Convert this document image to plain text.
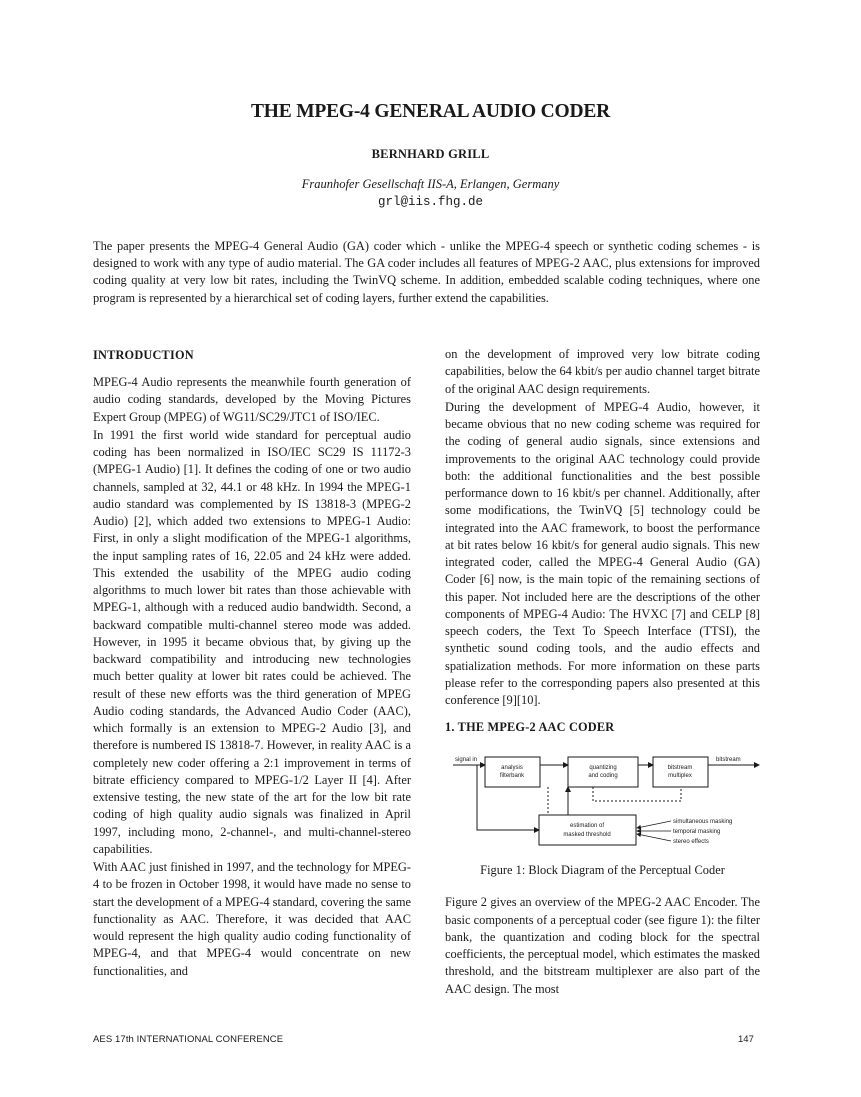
THE MPEG-4 GENERAL AUDIO CODER
BERNHARD GRILL
Fraunhofer Gesellschaft IIS-A, Erlangen, Germany
grl@iis.fhg.de

The paper presents the MPEG-4 General Audio (GA) coder which - unlike the MPEG-4 speech or synthetic coding schemes - is designed to work with any type of audio material. The GA coder includes all features of MPEG-2 AAC, plus extensions for improved coding quality at very low bit rates, including the TwinVQ scheme. In addition, embedded scalable coding techniques, where one program is represented by a hierarchical set of coding layers, further extend the capabilities.

INTRODUCTION

MPEG-4 Audio represents the meanwhile fourth generation of audio coding standards, developed by the Moving Pictures Expert Group (MPEG) of WG11/SC29/JTC1 of ISO/IEC.

In 1991 the first world wide standard for perceptual audio coding has been normalized in ISO/IEC SC29 IS 11172-3 (MPEG-1 Audio) [1]. It defines the coding of one or two audio channels, sampled at 32, 44.1 or 48 kHz. In 1994 the MPEG-1 audio standard was complemented by IS 13818-3 (MPEG-2 Audio) [2], which added two extensions to MPEG-1 Audio: First, in only a slight modification of the MPEG-1 algorithms, the input sampling rates of 16, 22.05 and 24 kHz were added. This extended the usability of the MPEG audio coding algorithms to much lower bit rates than those achievable with MPEG-1, although with a reduced audio bandwidth. Second, a backward compatible multi-channel stereo mode was added. However, in 1995 it became obvious that, by giving up the backward compatibility and introducing new technologies much better quality at lower bit rates could be achieved. The result of these new efforts was the third generation of MPEG Audio coding standards, the Advanced Audio Coder (AAC), which formally is an extension to MPEG-2 Audio [3], and therefore is numbered IS 13818-7. However, in reality AAC is a completely new coder offering a 2:1 improvement in terms of bitrate efficiency compared to MPEG-1/2 Layer II [4]. After extensive testing, the new state of the art for the low bit rate coding of high quality audio signals was finalized in April 1997, including mono, 2-channel-, and multi-channel-stereo capabilities.

With AAC just finished in 1997, and the technology for MPEG-4 to be frozen in October 1998, it would have made no sense to start the development of a MPEG-4 standard, covering the same functionality as AAC. Therefore, it was decided that AAC would represent the high quality audio coding functionality of MPEG-4, and that MPEG-4 would concentrate on new functionalities, and

on the development of improved very low bitrate coding capabilities, below the 64 kbit/s per audio channel target bitrate of the original AAC design requirements.

During the development of MPEG-4 Audio, however, it became obvious that no new coding scheme was required for the coding of general audio signals, since extensions and improvements to the original AAC technology could provide both: the additional functionalities and the best possible performance down to 16 kbit/s per channel. Additionally, after some modifications, the TwinVQ [5] technology could be integrated into the AAC framework, to boost the performance at bit rates below 16 kbit/s for general audio signals. This new integrated coder, called the MPEG-4 General Audio (GA) Coder [6] now, is the main topic of the remaining sections of this paper. Not included here are the descriptions of the other components of MPEG-4 Audio: The HVXC [7] and CELP [8] speech coders, the Text To Speech Interface (TTSI), the synthetic sound coding tools, and the audio effects and spatialization methods. For more information on these parts please refer to the corresponding papers also presented at this conference [9][10].

1. THE MPEG-2 AAC CODER
signal in
analysis
filterbank
quantizing
and coding
bitstream
multiplex
bitstream
estimation of
masked threshold
simultaneous masking
temporal masking
stereo effects
Figure 1: Block Diagram of the Perceptual Coder

Figure 2 gives an overview of the MPEG-2 AAC Encoder. The basic components of a perceptual coder (see figure 1): the filter bank, the quantization and coding block for the spectral coefficients, the perceptual model, which estimates the masked threshold, and the bitstream multiplexer are also part of the AAC design. The most

AES 17th INTERNATIONAL CONFERENCE	147
